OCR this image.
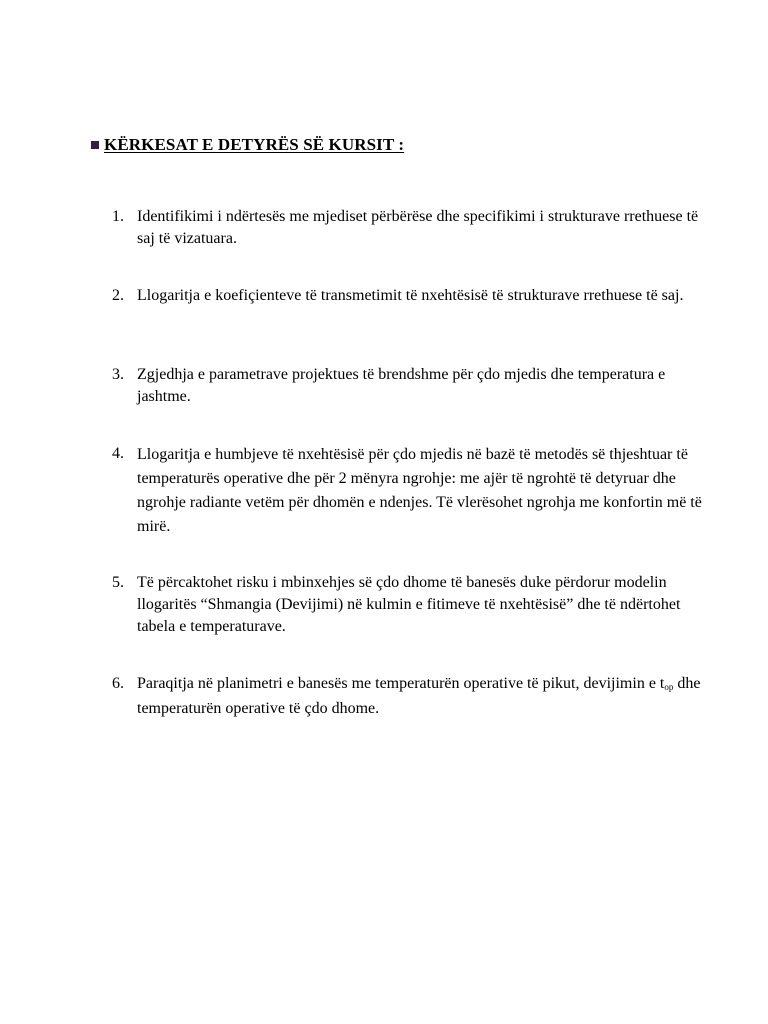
KËRKESAT E DETYRËS SË KURSIT :
1. Identifikimi i ndërtesës me mjediset përbërëse dhe specifikimi i strukturave rrethuese të saj të vizatuara.
2. Llogaritja e koefiçienteve të transmetimit të nxehtësisë të strukturave rrethuese të saj.
3. Zgjedhja e parametrave projektues të brendshme për çdo mjedis dhe temperatura e jashtme.
4. Llogaritja e humbjeve të nxehtësisë për çdo mjedis në bazë të metodës së thjeshtuar të temperaturës operative dhe për 2 mënyra ngrohje: me ajër të ngrohtë të detyruar dhe ngrohje radiante vetëm për dhomën e ndenjes. Të vlerësohet ngrohja me konfortin më të mirë.
5. Të përcaktohet risku i mbinxehjes së çdo dhome të banesës duke përdorur modelin llogaritës “Shmangia (Devijimi) në kulmin e fitimeve të nxehtësisë” dhe të ndërtohet tabela e temperaturave.
6. Paraqitja në planimetri e banesës me temperaturën operative të pikut, devijimin e $t_{op}$ dhe temperaturën operative të çdo dhome.
